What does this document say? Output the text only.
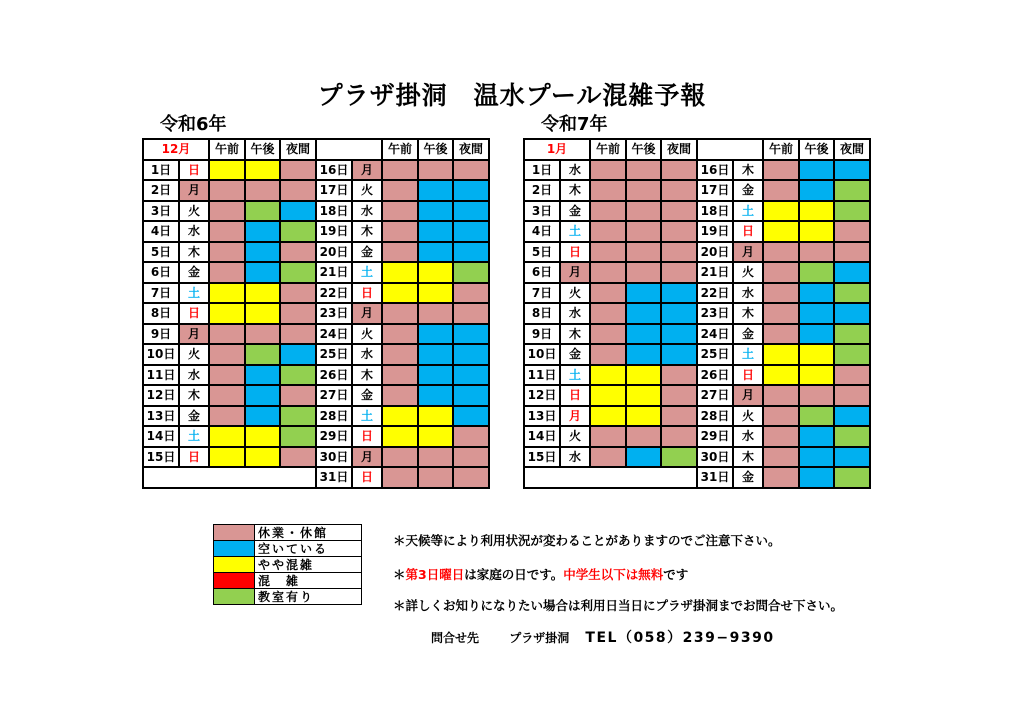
プラザ掛洞　温水プール混雑予報
令和6年	令和7年
12月		午前	午後	夜間			午前	午後	夜間
1日	日				16日	月			
2日	月				17日	火			
3日	火				18日	水			
4日	水				19日	木			
5日	木				20日	金			
6日	金				21日	土			
7日	土				22日	日			
8日	日				23日	月			
9日	月				24日	火			
10日	火				25日	水			
11日	水				26日	木			
12日	木				27日	金			
13日	金				28日	土			
14日	土				29日	日			
15日	日				30日	月			
					31日	日			
1月		午前	午後	夜間			午前	午後	夜間
1日	水				16日	木			
2日	木				17日	金			
3日	金				18日	土			
4日	土				19日	日			
5日	日				20日	月			
6日	月				21日	火			
7日	火				22日	水			
8日	水				23日	木			
9日	木				24日	金			
10日	金				25日	土			
11日	土				26日	日			
12日	日				27日	月			
13日	月				28日	火			
14日	火				29日	水			
15日	水				30日	木			
					31日	金			
	休業・休館
	空いている
	やや混雑
	混　雑
	教室有り
＊天候等により利用状況が変わることがありますのでご注意下さい。
＊第3日曜日は家庭の日です。中学生以下は無料です
＊詳しくお知りになりたい場合は利用日当日にプラザ掛洞までお問合せ下さい。
問合せ先	プラザ掛洞 TEL（058）239−9390
